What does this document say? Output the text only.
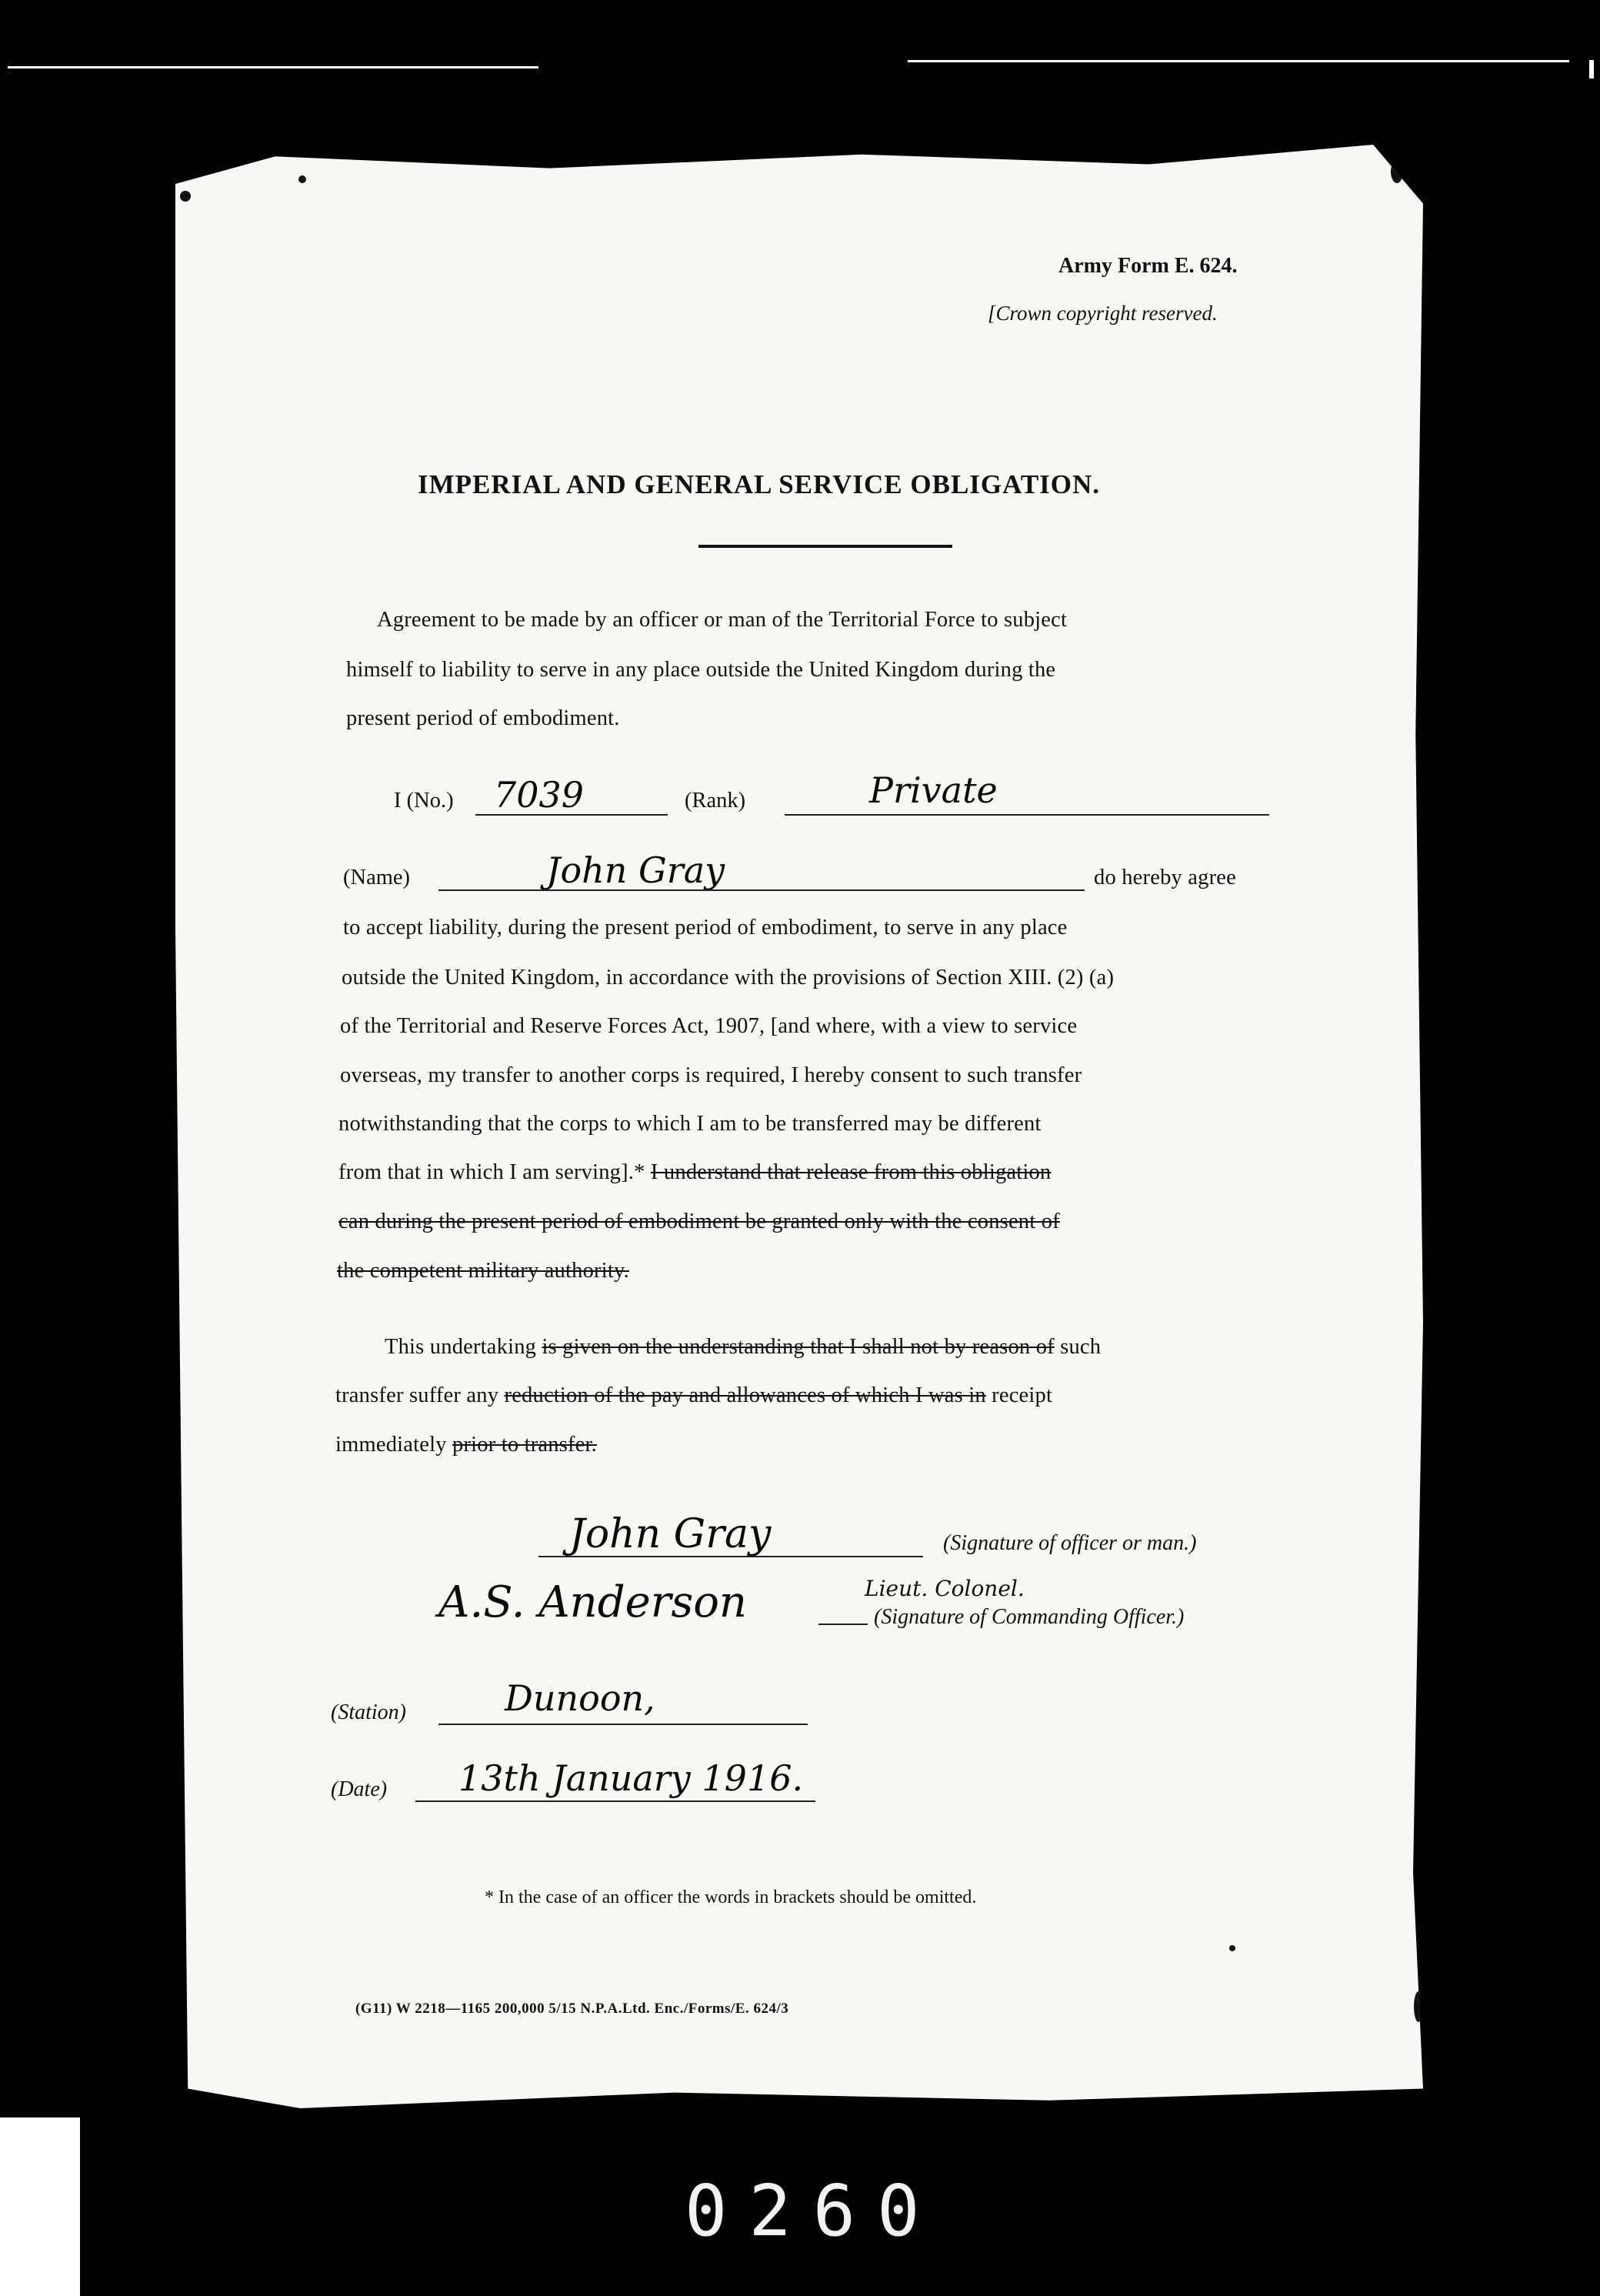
Army Form E. 624.
[Crown copyright reserved.
IMPERIAL AND GENERAL SERVICE OBLIGATION.
Agreement to be made by an officer or man of the Territorial Force to subject
himself to liability to serve in any place outside the United Kingdom during the
present period of embodiment.
I (No.) 7039	(Rank)	Private
(Name)	John Gray	do hereby agree
to accept liability, during the present period of embodiment, to serve in any place
outside the United Kingdom, in accordance with the provisions of Section XIII. (2) (a)
of the Territorial and Reserve Forces Act, 1907, [and where, with a view to service
overseas, my transfer to another corps is required, I hereby consent to such transfer
notwithstanding that the corps to which I am to be transferred may be different
from that in which I am serving].* I understand that release from this obligation
can during the present period of embodiment be granted only with the consent of
the competent military authority.
This undertaking is given on the understanding that I shall not by reason of such
transfer suffer any reduction of the pay and allowances of which I was in receipt
immediately prior to transfer.
John Gray	(Signature of officer or man.)
A.S. Anderson	Lieut. Colonel.
(Signature of Commanding Officer.)
(Station)	Dunoon,
(Date) 13th January 1916.
* In the case of an officer the words in brackets should be omitted.
(G11) W 2218—1165 200,000 5/15 N.P.A.Ltd. Enc./Forms/E. 624/3
0260
